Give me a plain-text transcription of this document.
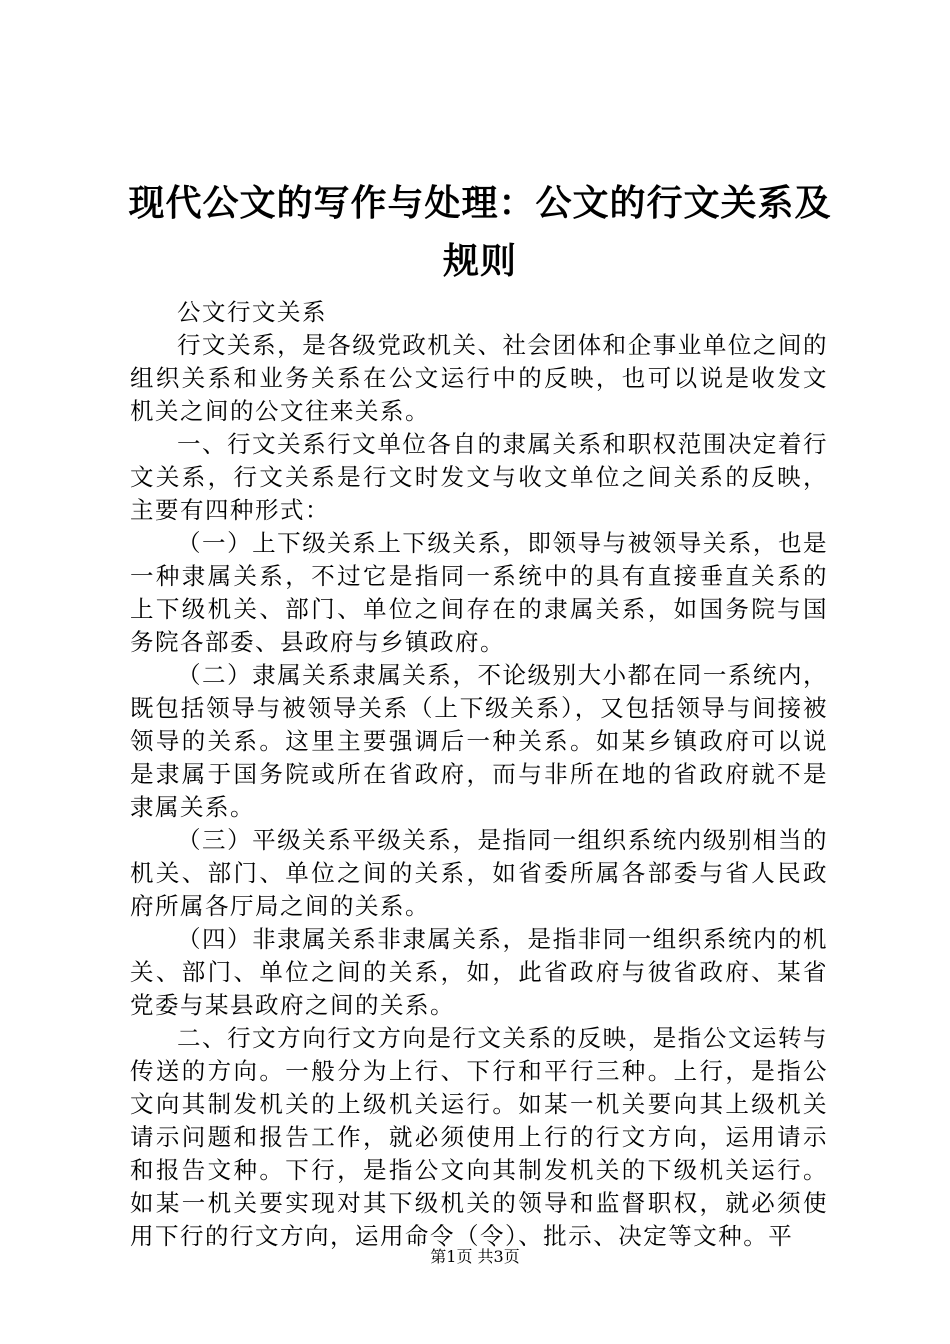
现代公文的写作与处理：公文的行文关系及规则

公文行文关系

行文关系，是各级党政机关、社会团体和企事业单位之间的组织关系和业务关系在公文运行中的反映，也可以说是收发文机关之间的公文往来关系。

一、行文关系行文单位各自的隶属关系和职权范围决定着行文关系，行文关系是行文时发文与收文单位之间关系的反映，主要有四种形式：

（一）上下级关系上下级关系，即领导与被领导关系，也是一种隶属关系，不过它是指同一系统中的具有直接垂直关系的上下级机关、部门、单位之间存在的隶属关系，如国务院与国务院各部委、县政府与乡镇政府。

（二）隶属关系隶属关系，不论级别大小都在同一系统内，既包括领导与被领导关系（上下级关系），又包括领导与间接被领导的关系。这里主要强调后一种关系。如某乡镇政府可以说是隶属于国务院或所在省政府，而与非所在地的省政府就不是隶属关系。

（三）平级关系平级关系，是指同一组织系统内级别相当的机关、部门、单位之间的关系，如省委所属各部委与省人民政府所属各厅局之间的关系。

（四）非隶属关系非隶属关系，是指非同一组织系统内的机关、部门、单位之间的关系，如，此省政府与彼省政府、某省党委与某县政府之间的关系。

二、行文方向行文方向是行文关系的反映，是指公文运转与传送的方向。一般分为上行、下行和平行三种。上行，是指公文向其制发机关的上级机关运行。如某一机关要向其上级机关请示问题和报告工作，就必须使用上行的行文方向，运用请示和报告文种。下行，是指公文向其制发机关的下级机关运行。如某一机关要实现对其下级机关的领导和监督职权，就必须使用下行的行文方向，运用命令（令）、批示、决定等文种。平

第1页 共3页
